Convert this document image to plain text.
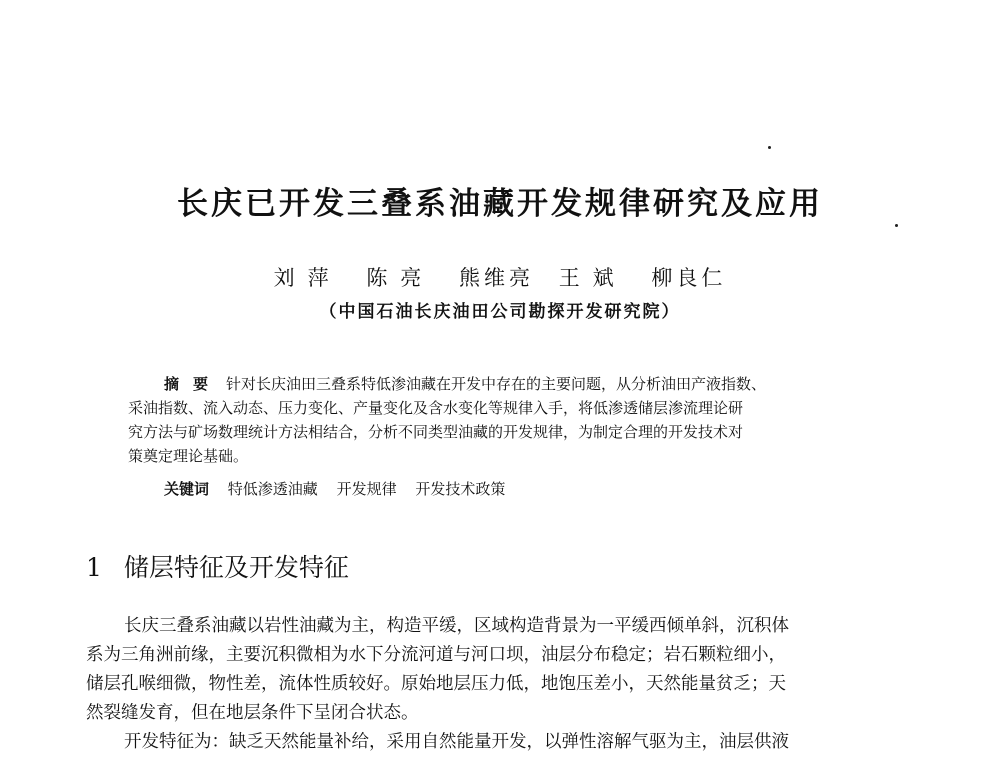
长庆已开发三叠系油藏开发规律研究及应用
刘萍 陈亮 熊维亮 王斌 柳良仁
（中国石油长庆油田公司勘探开发研究院）
摘要 针对长庆油田三叠系特低渗油藏在开发中存在的主要问题，从分析油田产液指数、
采油指数、流入动态、压力变化、产量变化及含水变化等规律入手，将低渗透储层渗流理论研
究方法与矿场数理统计方法相结合，分析不同类型油藏的开发规律，为制定合理的开发技术对
策奠定理论基础。
关键词 特低渗透油藏 开发规律 开发技术政策
1 储层特征及开发特征
长庆三叠系油藏以岩性油藏为主，构造平缓，区域构造背景为一平缓西倾单斜，沉积体
系为三角洲前缘，主要沉积微相为水下分流河道与河口坝，油层分布稳定；岩石颗粒细小，
储层孔喉细微，物性差，流体性质较好。原始地层压力低，地饱压差小，天然能量贫乏；天
然裂缝发育，但在地层条件下呈闭合状态。
开发特征为：缺乏天然能量补给，采用自然能量开发，以弹性溶解气驱为主，油层供液
